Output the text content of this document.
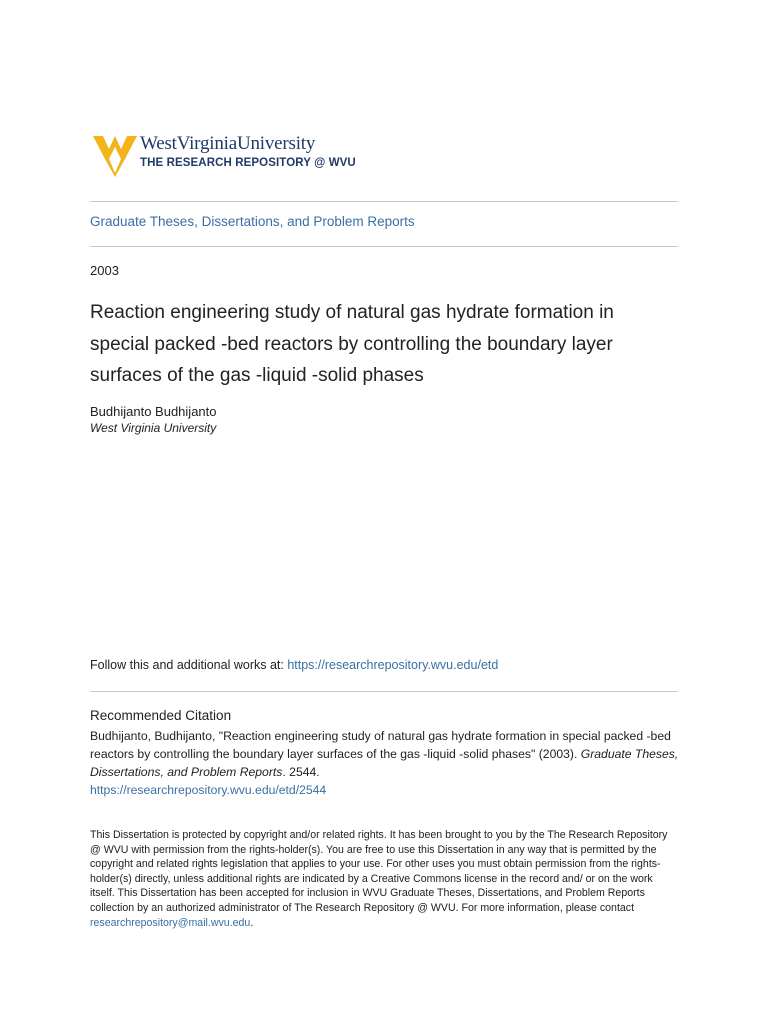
WestVirginiaUniversity
THE RESEARCH REPOSITORY @ WVU
Graduate Theses, Dissertations, and Problem Reports
2003
Reaction engineering study of natural gas hydrate formation in special packed -bed reactors by controlling the boundary layer surfaces of the gas -liquid -solid phases
Budhijanto Budhijanto
West Virginia University
Follow this and additional works at: https://researchrepository.wvu.edu/etd
Recommended Citation
Budhijanto, Budhijanto, "Reaction engineering study of natural gas hydrate formation in special packed -bed reactors by controlling the boundary layer surfaces of the gas -liquid -solid phases" (2003). Graduate Theses, Dissertations, and Problem Reports. 2544.
https://researchrepository.wvu.edu/etd/2544
This Dissertation is protected by copyright and/or related rights. It has been brought to you by the The Research Repository @ WVU with permission from the rights-holder(s). You are free to use this Dissertation in any way that is permitted by the copyright and related rights legislation that applies to your use. For other uses you must obtain permission from the rights-holder(s) directly, unless additional rights are indicated by a Creative Commons license in the record and/ or on the work itself. This Dissertation has been accepted for inclusion in WVU Graduate Theses, Dissertations, and Problem Reports collection by an authorized administrator of The Research Repository @ WVU. For more information, please contact researchrepository@mail.wvu.edu.
